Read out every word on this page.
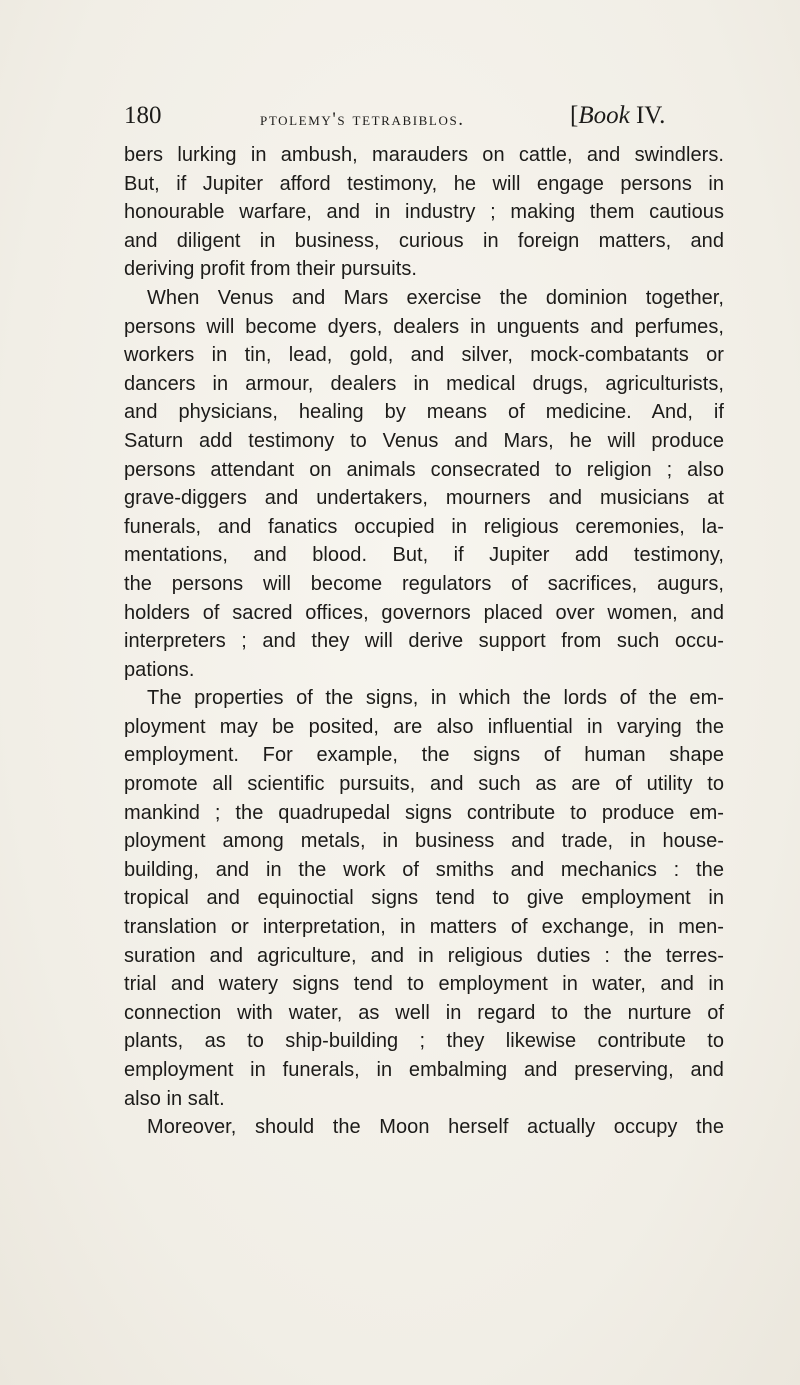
180	ptolemy's tetrabiblos.	[Book IV.
bers lurking in ambush, marauders on cattle, and swindlers.
But, if Jupiter afford testimony, he will engage persons in
honourable warfare, and in industry ; making them cautious
and diligent in business, curious in foreign matters, and
deriving profit from their pursuits.
When Venus and Mars exercise the dominion together,
persons will become dyers, dealers in unguents and perfumes,
workers in tin, lead, gold, and silver, mock-combatants or
dancers in armour, dealers in medical drugs, agriculturists,
and physicians, healing by means of medicine. And, if
Saturn add testimony to Venus and Mars, he will produce
persons attendant on animals consecrated to religion ; also
grave-diggers and undertakers, mourners and musicians at
funerals, and fanatics occupied in religious ceremonies, la-
mentations, and blood. But, if Jupiter add testimony,
the persons will become regulators of sacrifices, augurs,
holders of sacred offices, governors placed over women, and
interpreters ; and they will derive support from such occu-
pations.
The properties of the signs, in which the lords of the em-
ployment may be posited, are also influential in varying the
employment. For example, the signs of human shape
promote all scientific pursuits, and such as are of utility to
mankind ; the quadrupedal signs contribute to produce em-
ployment among metals, in business and trade, in house-
building, and in the work of smiths and mechanics : the
tropical and equinoctial signs tend to give employment in
translation or interpretation, in matters of exchange, in men-
suration and agriculture, and in religious duties : the terres-
trial and watery signs tend to employment in water, and in
connection with water, as well in regard to the nurture of
plants, as to ship-building ; they likewise contribute to
employment in funerals, in embalming and preserving, and
also in salt.
Moreover, should the Moon herself actually occupy the
